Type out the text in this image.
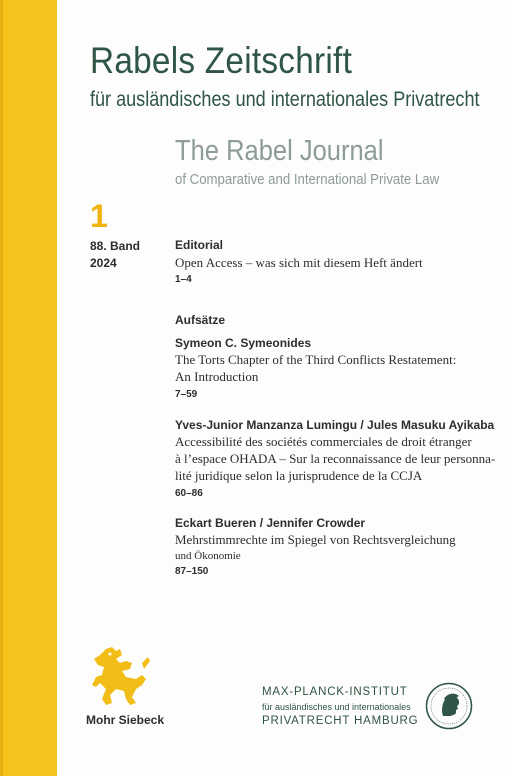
Rabels Zeitschrift
für ausländisches und internationales Privatrecht
The Rabel Journal
of Comparative and International Private Law
1
88. Band
2024
Editorial
Open Access – was sich mit diesem Heft ändert
1–4
Aufsätze
Symeon C. Symeonides
The Torts Chapter of the Third Conflicts Restatement:
An Introduction
7–59
Yves-Junior Manzanza Lumingu / Jules Masuku Ayikaba
Accessibilité des sociétés commerciales de droit étranger
à l’espace OHADA – Sur la reconnaissance de leur personna-
lité juridique selon la jurisprudence de la CCJA
60–86
Eckart Bueren / Jennifer Crowder
Mehrstimmrechte im Spiegel von Rechtsvergleichung
und Ökonomie
87–150
Mohr Siebeck
MAX-PLANCK-INSTITUT
für ausländisches und internationales
PRIVATRECHT HAMBURG
